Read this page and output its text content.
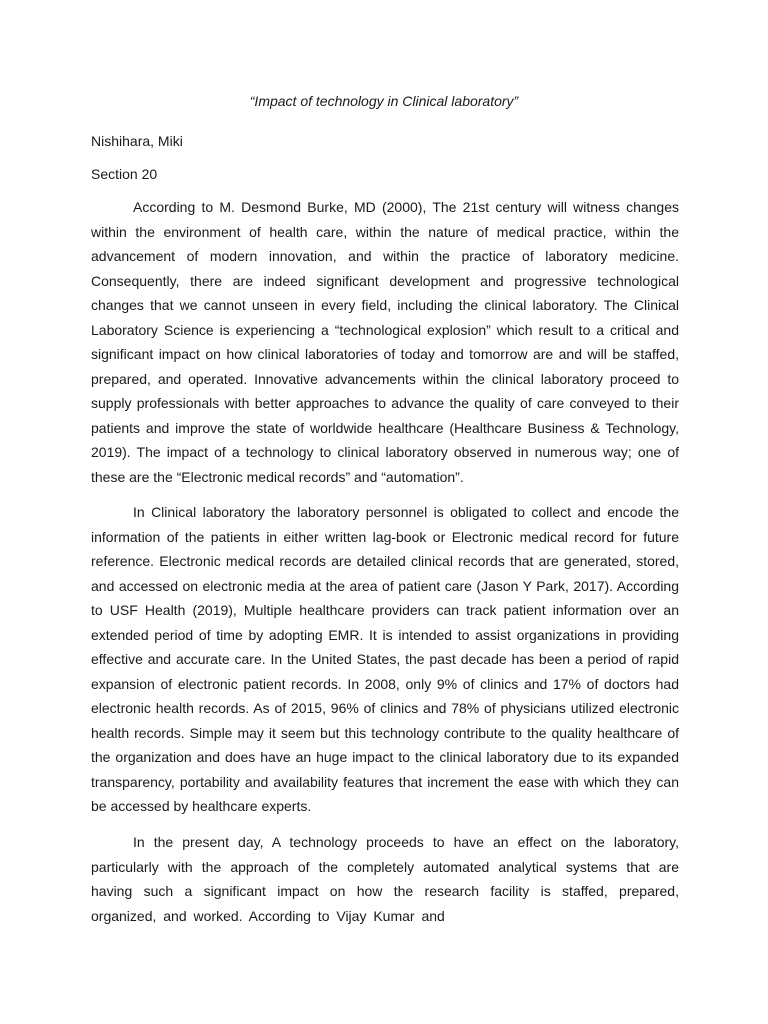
“Impact of technology in Clinical laboratory”
Nishihara, Miki
Section 20

According to M. Desmond Burke, MD (2000), The 21st century will witness changes within the environment of health care, within the nature of medical practice, within the advancement of modern innovation, and within the practice of laboratory medicine. Consequently, there are indeed significant development and progressive technological changes that we cannot unseen in every field, including the clinical laboratory. The Clinical Laboratory Science is experiencing a “technological explosion” which result to a critical and significant impact on how clinical laboratories of today and tomorrow are and will be staffed, prepared, and operated. Innovative advancements within the clinical laboratory proceed to supply professionals with better approaches to advance the quality of care conveyed to their patients and improve the state of worldwide healthcare (Healthcare Business & Technology, 2019). The impact of a technology to clinical laboratory observed in numerous way; one of these are the “Electronic medical records” and “automation”.

In Clinical laboratory the laboratory personnel is obligated to collect and encode the information of the patients in either written lag-book or Electronic medical record for future reference. Electronic medical records are detailed clinical records that are generated, stored, and accessed on electronic media at the area of patient care (Jason Y Park, 2017). According to USF Health (2019), Multiple healthcare providers can track patient information over an extended period of time by adopting EMR. It is intended to assist organizations in providing effective and accurate care. In the United States, the past decade has been a period of rapid expansion of electronic patient records. In 2008, only 9% of clinics and 17% of doctors had electronic health records. As of 2015, 96% of clinics and 78% of physicians utilized electronic health records. Simple may it seem but this technology contribute to the quality healthcare of the organization and does have an huge impact to the clinical laboratory due to its expanded transparency, portability and availability features that increment the ease with which they can be accessed by healthcare experts.

In the present day, A technology proceeds to have an effect on the laboratory, particularly with the approach of the completely automated analytical systems that are having such a significant impact on how the research facility is staffed, prepared, organized, and worked. According to Vijay Kumar and
